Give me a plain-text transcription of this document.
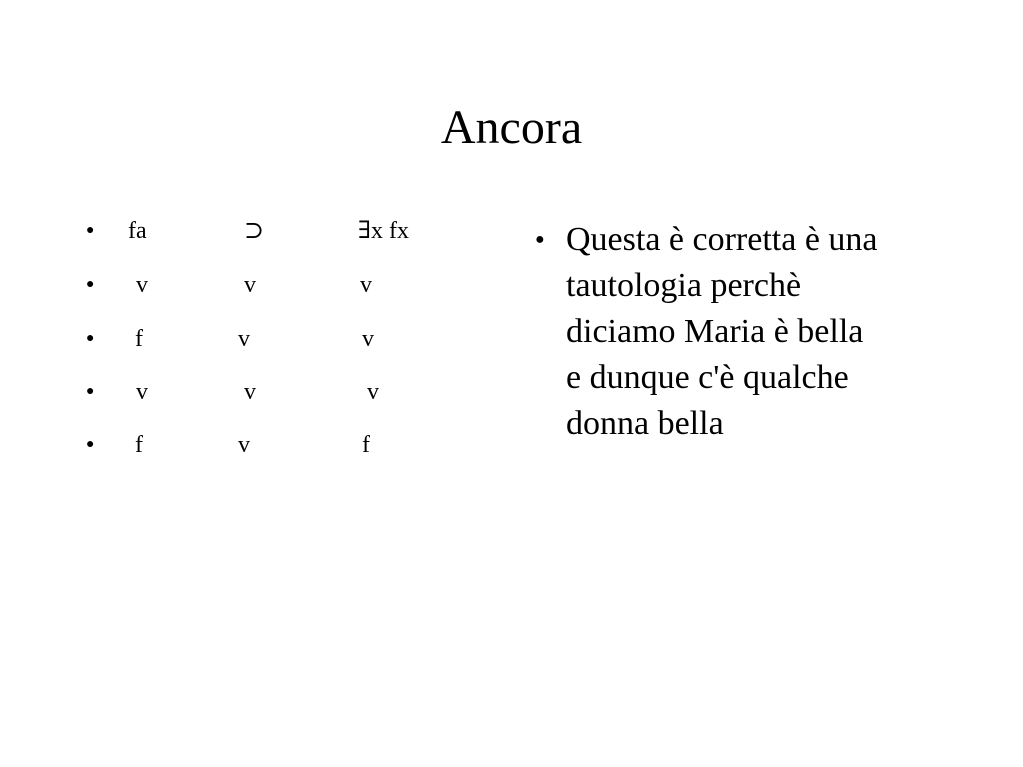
Ancora
● fa	⊃	∃x fx
● v	v	v
● f	v	v
● v	v	v
● f	v	f
● Questa è corretta è una
tautologia perchè
diciamo Maria è bella
e dunque c'è qualche
donna bella
